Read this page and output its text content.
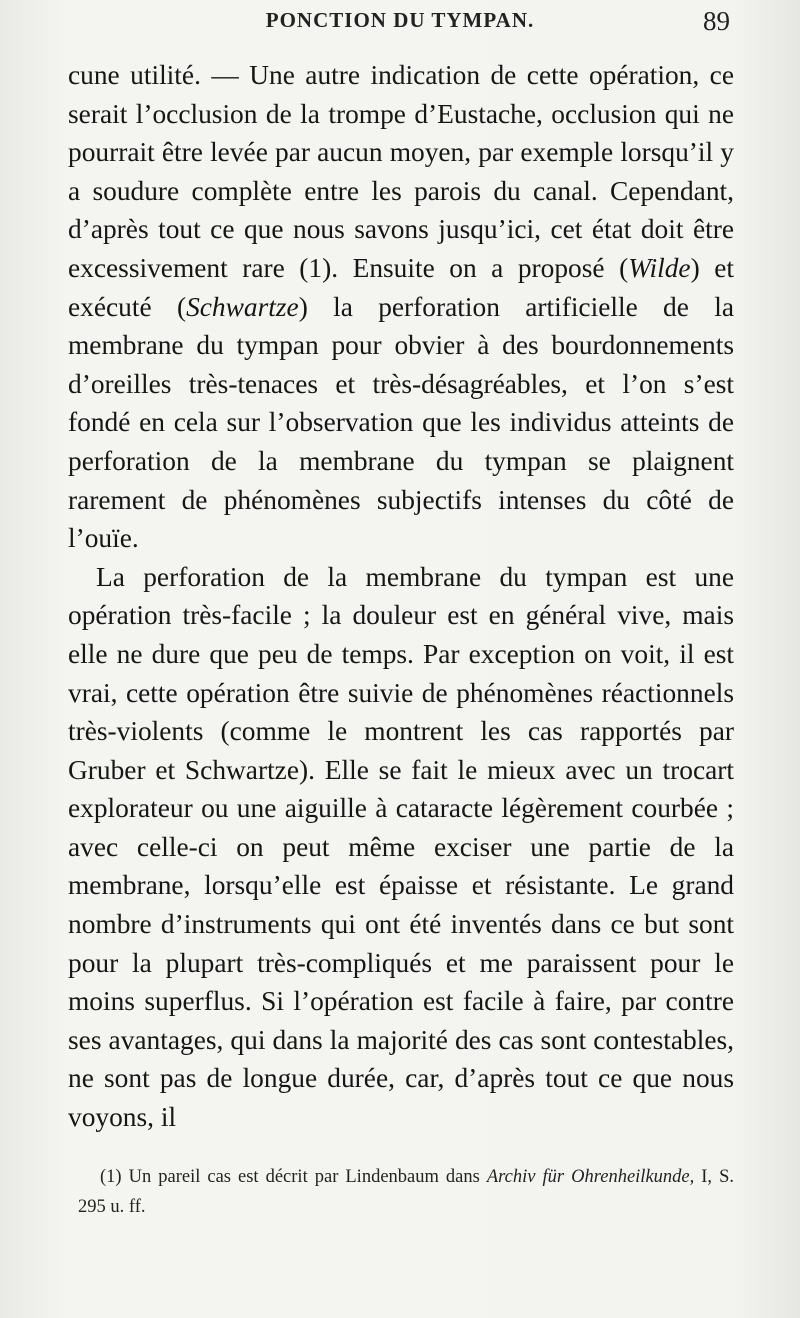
PONCTION DU TYMPAN.	89

cune utilité. — Une autre indication de cette opération, ce serait l’occlusion de la trompe d’Eustache, occlusion qui ne pourrait être levée par aucun moyen, par exemple lorsqu’il y a soudure complète entre les parois du canal. Cependant, d’après tout ce que nous savons jusqu’ici, cet état doit être excessivement rare (1). Ensuite on a proposé (Wilde) et exécuté (Schwartze) la perforation artificielle de la membrane du tympan pour obvier à des bourdonnements d’oreilles très-tenaces et très-désagréables, et l’on s’est fondé en cela sur l’observation que les individus atteints de perforation de la membrane du tympan se plaignent rarement de phénomènes subjectifs intenses du côté de l’ouïe.

La perforation de la membrane du tympan est une opération très-facile ; la douleur est en général vive, mais elle ne dure que peu de temps. Par exception on voit, il est vrai, cette opération être suivie de phénomènes réactionnels très-violents (comme le montrent les cas rapportés par Gruber et Schwartze). Elle se fait le mieux avec un trocart explorateur ou une aiguille à cataracte légèrement courbée ; avec celle-ci on peut même exciser une partie de la membrane, lorsqu’elle est épaisse et résistante. Le grand nombre d’instruments qui ont été inventés dans ce but sont pour la plupart très-compliqués et me paraissent pour le moins superflus. Si l’opération est facile à faire, par contre ses avantages, qui dans la majorité des cas sont contestables, ne sont pas de longue durée, car, d’après tout ce que nous voyons, il

(1) Un pareil cas est décrit par Lindenbaum dans Archiv für Ohrenheilkunde, I, S. 295 u. ff.
